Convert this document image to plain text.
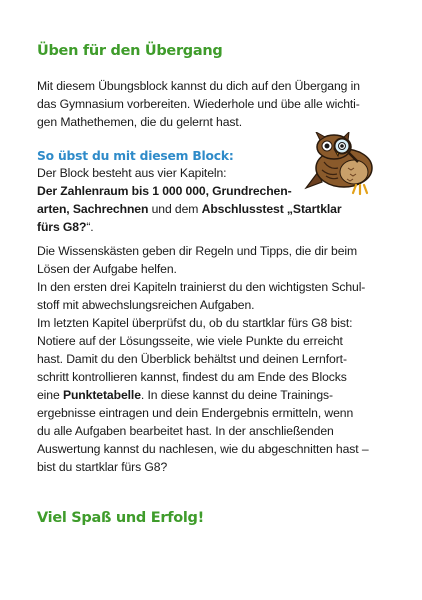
Üben für den Übergang
Mit diesem Übungsblock kannst du dich auf den Übergang in
das Gymnasium vorbereiten. Wiederhole und übe alle wichti-
gen Mathethemen, die du gelernt hast.
So übst du mit diesem Block:
Der Block besteht aus vier Kapiteln:
Der Zahlenraum bis 1 000 000, Grundrechen-
arten, Sachrechnen und dem Abschlusstest „Startklar
fürs G8?“.
Die Wissenskästen geben dir Regeln und Tipps, die dir beim
Lösen der Aufgabe helfen.
In den ersten drei Kapiteln trainierst du den wichtigsten Schul-
stoff mit abwechslungsreichen Aufgaben.
Im letzten Kapitel überprüfst du, ob du startklar fürs G8 bist:
Notiere auf der Lösungsseite, wie viele Punkte du erreicht
hast. Damit du den Überblick behältst und deinen Lernfort-
schritt kontrollieren kannst, findest du am Ende des Blocks
eine Punktetabelle. In diese kannst du deine Trainings-
ergebnisse eintragen und dein Endergebnis ermitteln, wenn
du alle Aufgaben bearbeitet hast. In der anschließenden
Auswertung kannst du nachlesen, wie du abgeschnitten hast –
bist du startklar fürs G8?
Viel Spaß und Erfolg!
